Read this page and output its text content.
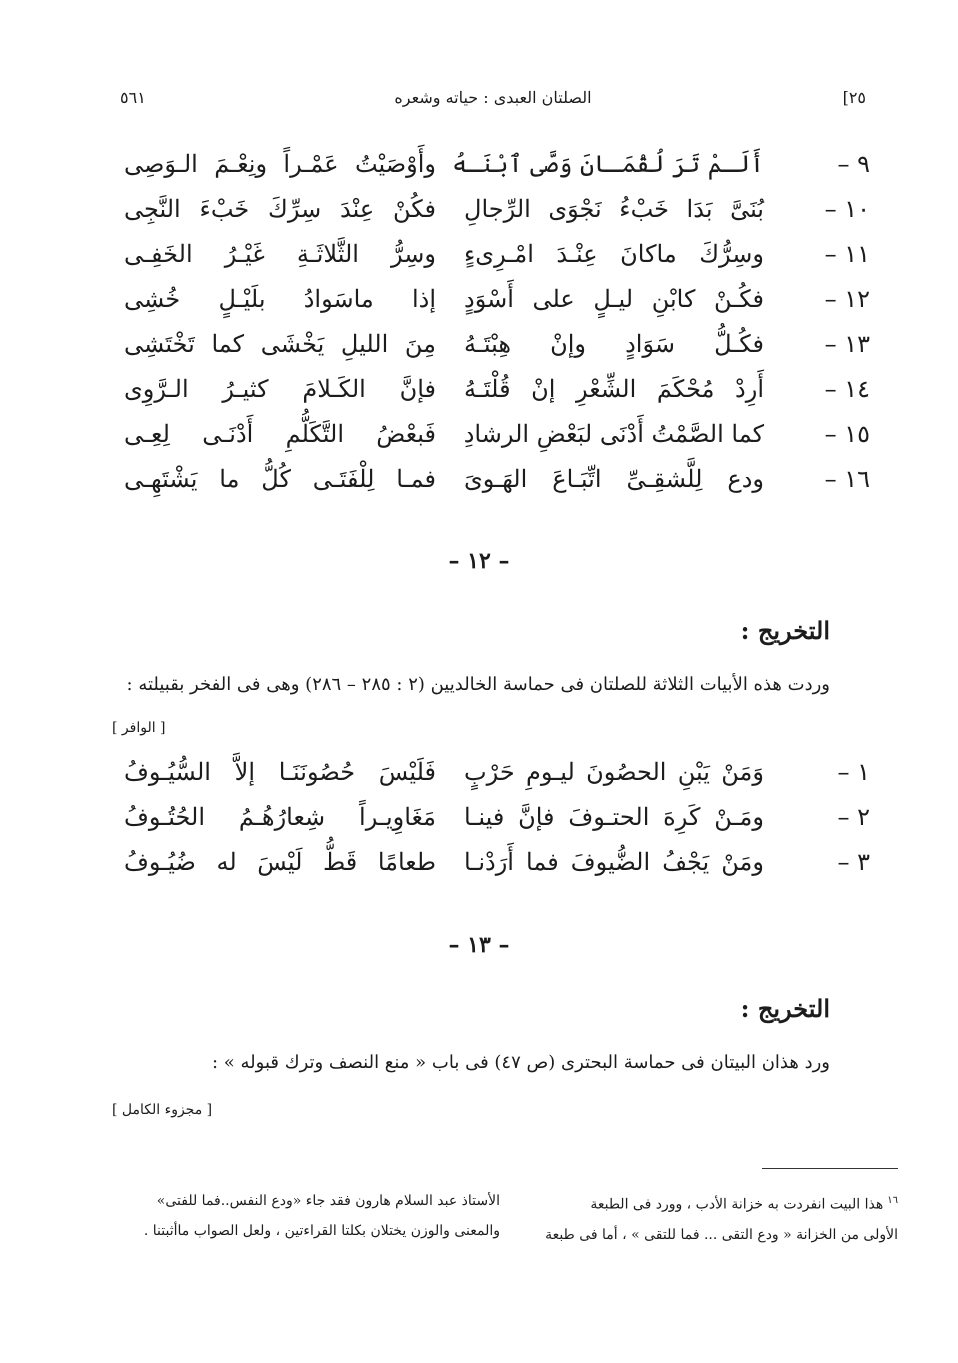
٢٥]
الصلتان العبدى : حياته وشعره
٥٦١
٩ –
أَلَـمْ تَرَ لُقْمَـانَ وَصَّى ٱبْنَـهُ
وأَوْصَيْتُ عَمْـراً ونِعْـمَ الـوَصِى
١٠ –
بُنَىَّ بَدَا خَبْءُ نَجْوَى الرِّجالِ
فكُنْ عِنْدَ سِرِّكَ خَبْءَ النَّجِى
١١ –
وسِرُّكَ ماكانَ عِنْـدَ امْـرِىءٍ
وسِرُّ الثَّلاثَـةِ غَيْـرُ الخَفِـى
١٢ –
فكُـنْ كابْنِ ليـلٍ على أَسْوَدٍ
إذا ماسَوادُ بلَيْـلٍ خُشِى
١٣ –
فكُـلُّ سَوَادٍ وإنْ هِبْتَـهُ
مِنَ الليلِ يَخْشَى كما تَخْتَشِى
١٤ –
أَرِدْ مُحْكَمَ الشِّعْرِ إنْ قُلْتَـهُ
فإنَّ الكَـلامَ كثيـرُ الـرَّوِى
١٥ –
كما الصَّمْتُ أَدْنَى لبَعْضِ الرشادِ
فَبعْضُ التَّكَلُّمِ أَدْنَـى لِعِـى
١٦ –
ودع لِلَّشقِـىِّ اتِّبَـاعَ الهَـوىَ
فمـا لِلْفَتَـى كُلُّ ما يَشْتَهِـى
– ١٢ –
التخريج :
وردت هذه الأبيات الثلاثة للصلتان فى حماسة الخالديين (٢ : ٢٨٥ – ٢٨٦) وهى فى الفخر بقبيلته :
[ الوافر ]
١ –
وَمَنْ يَبْنِ الحصُونَ ليـومِ حَرْبٍ
فَلَيْسَ حُصُونَنَـا إلاَّ السُّيُـوفُ
٢ –
ومَـنْ كَرِهَ الحتـوفَ فإنَّ فينـا
مَغَاوِيـراً شِعارُهُـمُ الحُتُـوفُ
٣ –
ومَنْ يَجْفُ الضُّيوفَ فما أَرَدْنـا
طعامًا قَطُّ لَيْسَ له ضُيُـوفُ
– ١٣ –
التخريج :
ورد هذان البيتان فى حماسة البحترى (ص ٤٧) فى باب « منع النصف وترك قبوله » :
[ مجزوء الكامل ]
$^{١٦}$هذا البيت انفردت به خزانة الأدب ، وورد فى الطبعة
الأولى من الخزانة « ودع التقى ... فما للتقى » ، أما فى طبعة
الأستاذ عبد السلام هارون فقد جاء «ودع النفس..فما للفتى»
والمعنى والوزن يختلان بكلتا القراءتين ، ولعل الصواب ماأثبتنا .
